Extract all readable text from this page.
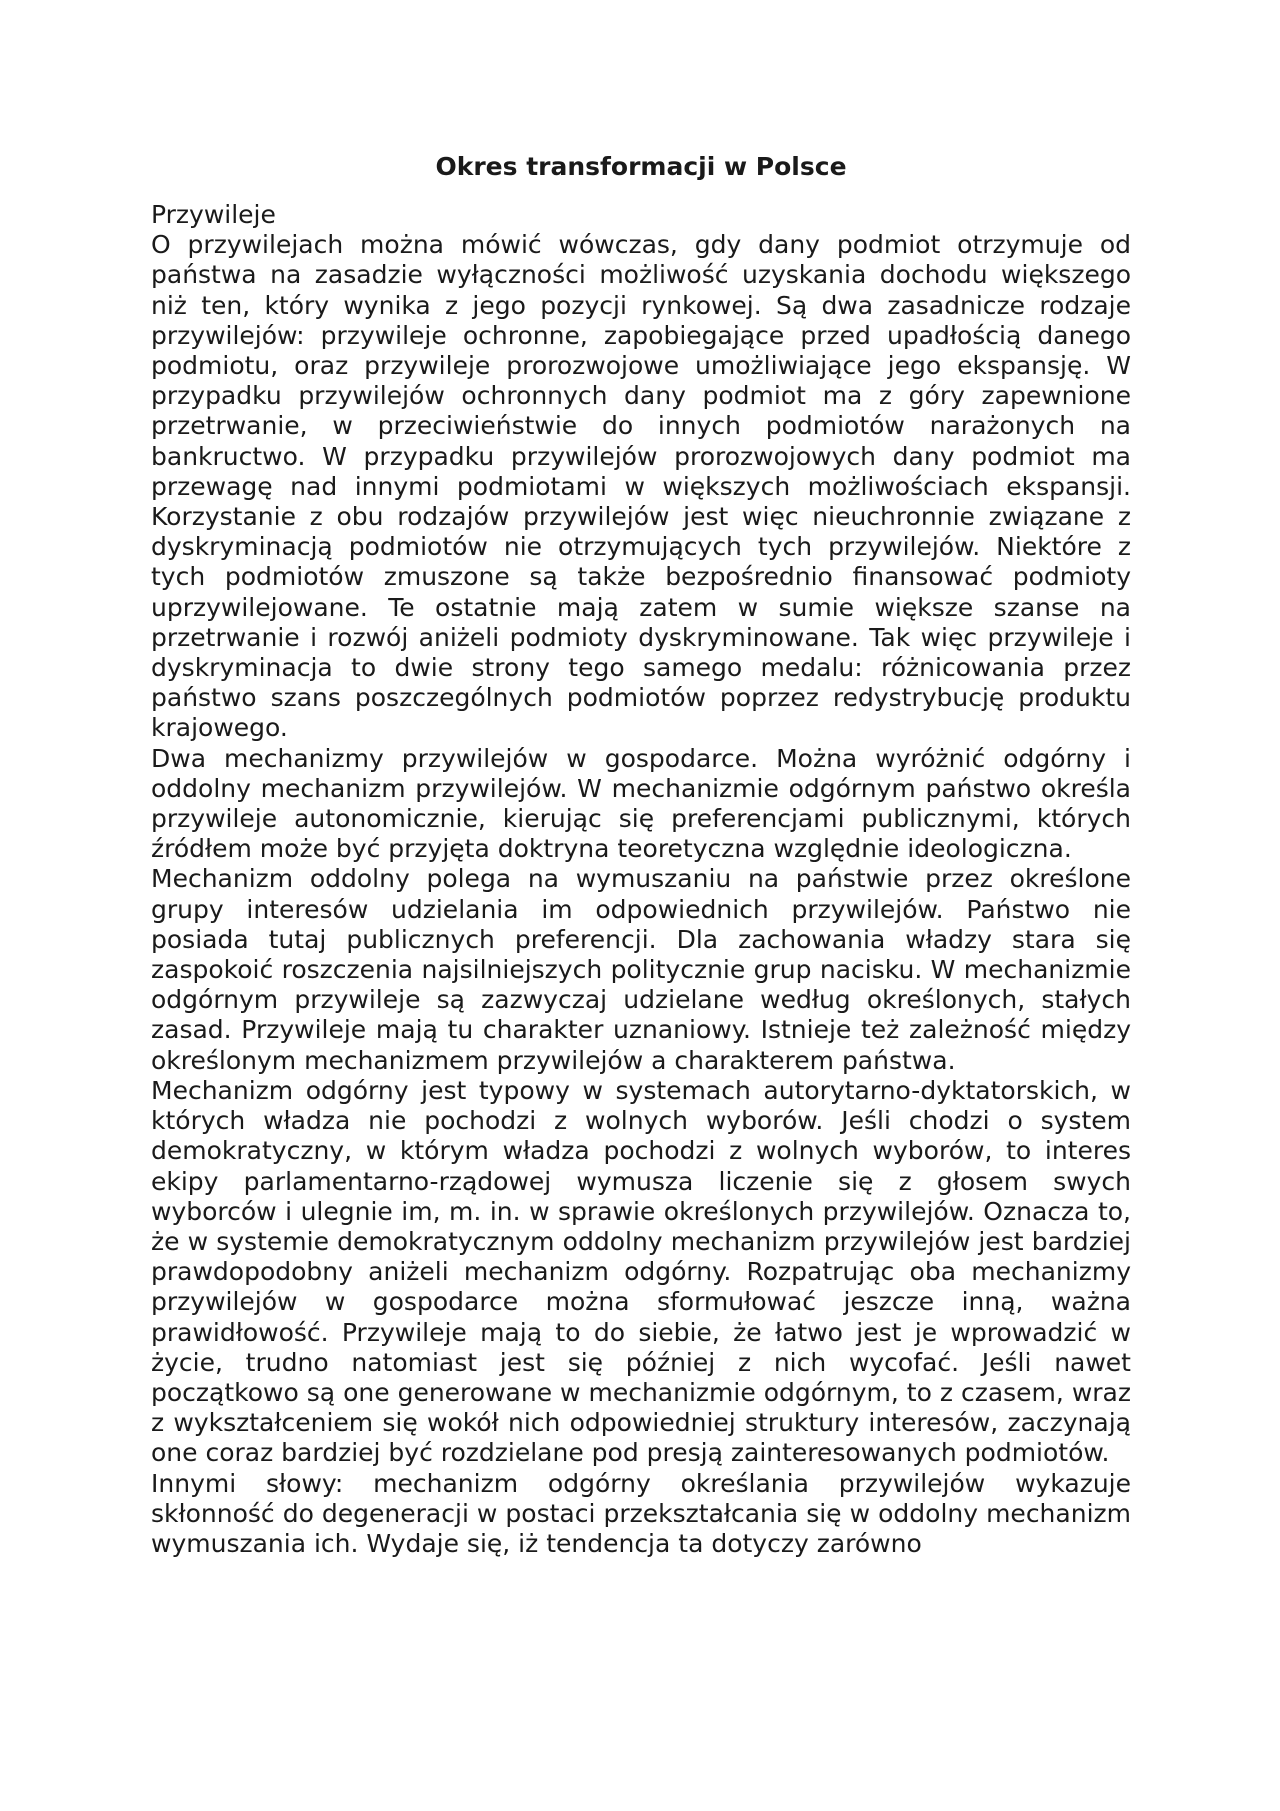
Okres transformacji w Polsce
Przywileje

O przywilejach można mówić wówczas, gdy dany podmiot otrzymuje od państwa na zasadzie wyłączności możliwość uzyskania dochodu większego niż ten, który wynika z jego pozycji rynkowej. Są dwa zasadnicze rodzaje przywilejów: przywileje ochronne, zapobiegające przed upadłością danego podmiotu, oraz przywileje prorozwojowe umożliwiające jego ekspansję. W przypadku przywilejów ochronnych dany podmiot ma z góry zapewnione przetrwanie, w przeciwieństwie do innych podmiotów narażonych na bankructwo. W przypadku przywilejów prorozwojowych dany podmiot ma przewagę nad innymi podmiotami w większych możliwościach ekspansji. Korzystanie z obu rodzajów przywilejów jest więc nieuchronnie związane z dyskryminacją podmiotów nie otrzymujących tych przywilejów. Niektóre z tych podmiotów zmuszone są także bezpośrednio finansować podmioty uprzywilejowane. Te ostatnie mają zatem w sumie większe szanse na przetrwanie i rozwój aniżeli podmioty dyskryminowane. Tak więc przywileje i dyskryminacja to dwie strony tego samego medalu: różnicowania przez państwo szans poszczególnych podmiotów poprzez redystrybucję produktu krajowego.

Dwa mechanizmy przywilejów w gospodarce. Można wyróżnić odgórny i oddolny mechanizm przywilejów. W mechanizmie odgórnym państwo określa przywileje autonomicznie, kierując się preferencjami publicznymi, których źródłem może być przyjęta doktryna teoretyczna względnie ideologiczna.

Mechanizm oddolny polega na wymuszaniu na państwie przez określone grupy interesów udzielania im odpowiednich przywilejów. Państwo nie posiada tutaj publicznych preferencji. Dla zachowania władzy stara się zaspokoić roszczenia najsilniejszych politycznie grup nacisku. W mechanizmie odgórnym przywileje są zazwyczaj udzielane według określonych, stałych zasad. Przywileje mają tu charakter uznaniowy. Istnieje też zależność między określonym mechanizmem przywilejów a charakterem państwa.

Mechanizm odgórny jest typowy w systemach autorytarno-dyktatorskich, w których władza nie pochodzi z wolnych wyborów. Jeśli chodzi o system demokratyczny, w którym władza pochodzi z wolnych wyborów, to interes ekipy parlamentarno-rządowej wymusza liczenie się z głosem swych wyborców i ulegnie im, m. in. w sprawie określonych przywilejów. Oznacza to, że w systemie demokratycznym oddolny mechanizm przywilejów jest bardziej prawdopodobny aniżeli mechanizm odgórny. Rozpatrując oba mechanizmy przywilejów w gospodarce można sformułować jeszcze inną, ważna prawidłowość. Przywileje mają to do siebie, że łatwo jest je wprowadzić w życie, trudno natomiast jest się później z nich wycofać. Jeśli nawet początkowo są one generowane w mechanizmie odgórnym, to z czasem, wraz z wykształceniem się wokół nich odpowiedniej struktury interesów, zaczynają one coraz bardziej być rozdzielane pod presją zainteresowanych podmiotów.

Innymi słowy: mechanizm odgórny określania przywilejów wykazuje skłonność do degeneracji w postaci przekształcania się w oddolny mechanizm wymuszania ich. Wydaje się, iż tendencja ta dotyczy zarówno
